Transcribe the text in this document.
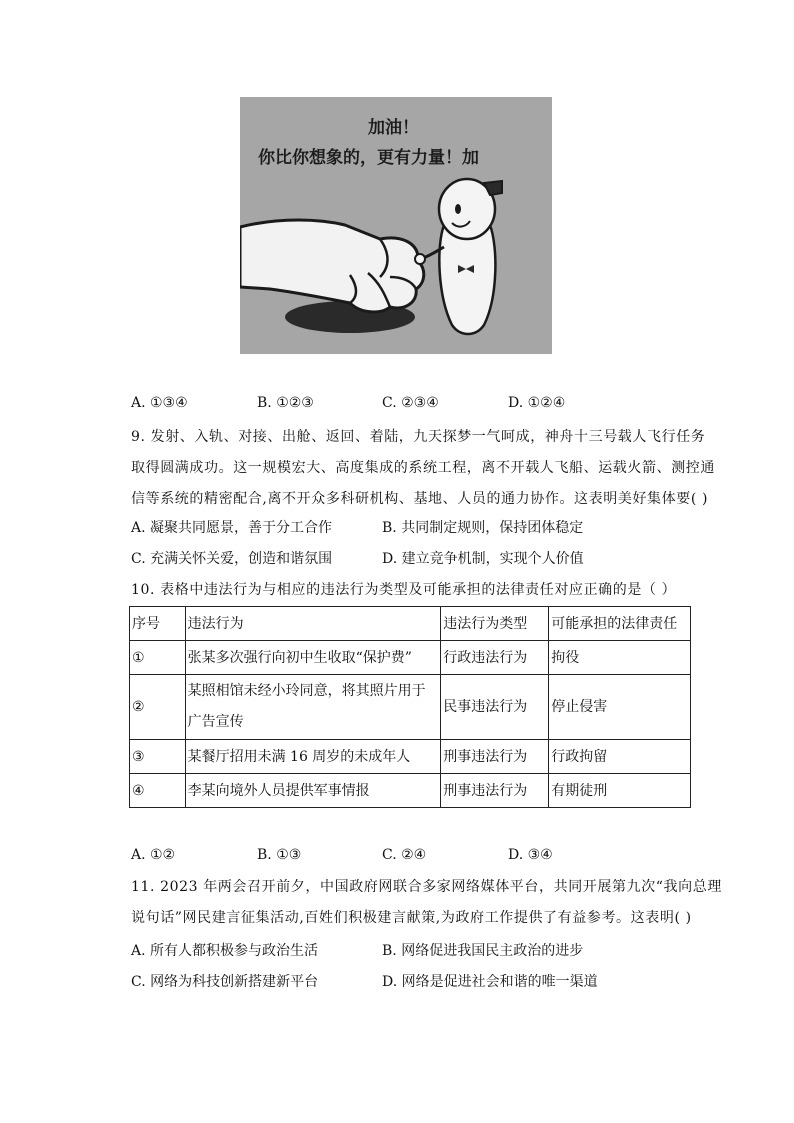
加油！
你比你想象的，更有力量！加
A. ①③④	B. ①②③	C. ②③④	D. ①②④

9. 发射、入轨、对接、出舱、返回、着陆，九天探梦一气呵成，神舟十三号载人飞行任务

取得圆满成功。这一规模宏大、高度集成的系统工程，离不开载人飞船、运载火箭、测控通

信等系统的精密配合,离不开众多科研机构、基地、人员的通力协作。这表明美好集体要( )

A. 凝聚共同愿景，善于分工合作	B. 共同制定规则，保持团体稳定
C. 充满关怀关爱，创造和谐氛围	D. 建立竞争机制，实现个人价值

10. 表格中违法行为与相应的违法行为类型及可能承担的法律责任对应正确的是（ ）

序号	违法行为	违法行为类型	可能承担的法律责任
①	张某多次强行向初中生收取“保护费”	行政违法行为	拘役
②	某照相馆未经小玲同意，将其照片用于广告宣传	民事违法行为	停止侵害
③	某餐厅招用未满 16 周岁的未成年人	刑事违法行为	行政拘留
④	李某向境外人员提供军事情报	刑事违法行为	有期徒刑
A. ①②	B. ①③	C. ②④	D. ③④

11. 2023 年两会召开前夕，中国政府网联合多家网络媒体平台，共同开展第九次“我向总理

说句话”网民建言征集活动,百姓们积极建言献策,为政府工作提供了有益参考。这表明( )

A. 所有人都积极参与政治生活	B. 网络促进我国民主政治的进步
C. 网络为科技创新搭建新平台	D. 网络是促进社会和谐的唯一渠道
